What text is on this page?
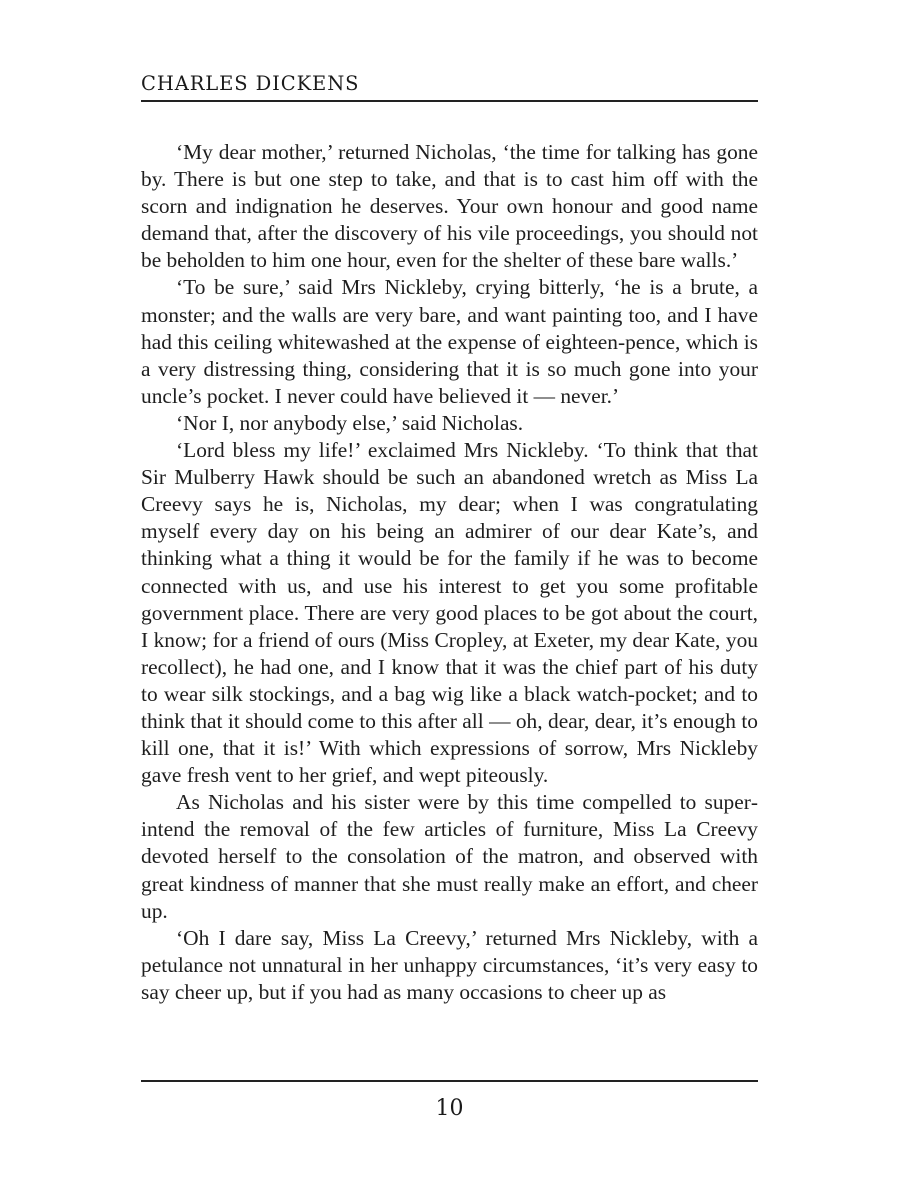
CHARLES DICKENS

‘My dear mother,’ returned Nicholas, ‘the time for talking has gone by. There is but one step to take, and that is to cast him off with the scorn and indignation he deserves. Your own honour and good name demand that, after the discovery of his vile proceedings, you should not be beholden to him one hour, even for the shelter of these bare walls.’

‘To be sure,’ said Mrs Nickleby, crying bitterly, ‘he is a brute, a monster; and the walls are very bare, and want painting too, and I have had this ceiling whitewashed at the expense of eighteen-pence, which is a very distressing thing, considering that it is so much gone into your uncle’s pocket. I never could have believed it — never.’

‘Nor I, nor anybody else,’ said Nicholas.

‘Lord bless my life!’ exclaimed Mrs Nickleby. ‘To think that that Sir Mulberry Hawk should be such an abandoned wretch as Miss La Creevy says he is, Nicholas, my dear; when I was congratulating myself every day on his being an admirer of our dear Kate’s, and thinking what a thing it would be for the family if he was to become connected with us, and use his interest to get you some profitable government place. There are very good places to be got about the court, I know; for a friend of ours (Miss Cropley, at Exeter, my dear Kate, you recollect), he had one, and I know that it was the chief part of his duty to wear silk stockings, and a bag wig like a black watch-pocket; and to think that it should come to this after all — oh, dear, dear, it’s enough to kill one, that it is!’ With which expressions of sorrow, Mrs Nickleby gave fresh vent to her grief, and wept piteously.

As Nicholas and his sister were by this time compelled to superintend the removal of the few articles of furniture, Miss La Creevy devoted herself to the consolation of the matron, and observed with great kindness of manner that she must really make an effort, and cheer up.

‘Oh I dare say, Miss La Creevy,’ returned Mrs Nickleby, with a petulance not unnatural in her unhappy circumstances, ‘it’s very easy to say cheer up, but if you had as many occasions to cheer up as

10
